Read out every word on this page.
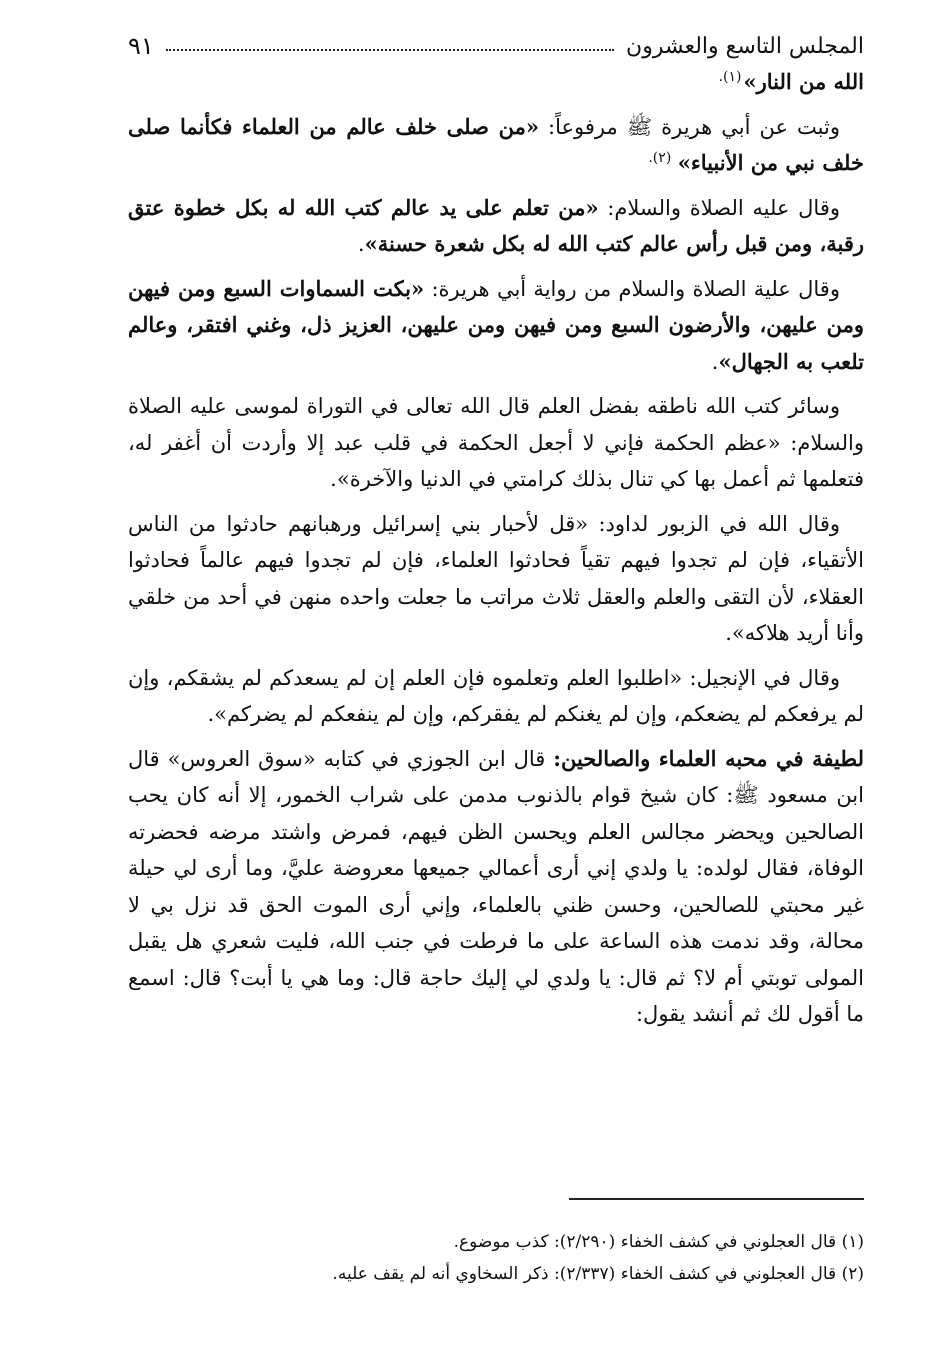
المجلس التاسع والعشرون
٩١

الله من النار»$^{(١).}$

وثبت عن أبي هريرة ﷺ مرفوعاً: «من صلى خلف عالم من العلماء فكأنما صلى خلف نبي من الأنبياء» $^{(٢).}$

وقال عليه الصلاة والسلام: «من تعلم على يد عالم كتب الله له بكل خطوة عتق رقبة، ومن قبل رأس عالم كتب الله له بكل شعرة حسنة».

وقال علية الصلاة والسلام من رواية أبي هريرة: «بكت السماوات السبع ومن فيهن ومن عليهن، والأرضون السبع ومن فيهن ومن عليهن، العزيز ذل، وغني افتقر، وعالم تلعب به الجهال».

وسائر كتب الله ناطقه بفضل العلم قال الله تعالى في التوراة لموسى عليه الصلاة والسلام: «عظم الحكمة فإني لا أجعل الحكمة في قلب عبد إلا وأردت أن أغفر له، فتعلمها ثم أعمل بها كي تنال بذلك كرامتي في الدنيا والآخرة».

وقال الله في الزبور لداود: «قل لأحبار بني إسرائيل ورهبانهم حادثوا من الناس الأتقياء، فإن لم تجدوا فيهم تقياً فحادثوا العلماء، فإن لم تجدوا فيهم عالماً فحادثوا العقلاء، لأن التقى والعلم والعقل ثلاث مراتب ما جعلت واحده منهن في أحد من خلقي وأنا أريد هلاكه».

وقال في الإنجيل: «اطلبوا العلم وتعلموه فإن العلم إن لم يسعدكم لم يشقكم، وإن لم يرفعكم لم يضعكم، وإن لم يغنكم لم يفقركم، وإن لم ينفعكم لم يضركم».

لطيفة في محبه العلماء والصالحين: قال ابن الجوزي في كتابه «سوق العروس» قال ابن مسعود ﷺ: كان شيخ قوام بالذنوب مدمن على شراب الخمور، إلا أنه كان يحب الصالحين ويحضر مجالس العلم ويحسن الظن فيهم، فمرض واشتد مرضه فحضرته الوفاة، فقال لولده: يا ولدي إني أرى أعمالي جميعها معروضة عليَّ، وما أرى لي حيلة غير محبتي للصالحين، وحسن ظني بالعلماء، وإني أرى الموت الحق قد نزل بي لا محالة، وقد ندمت هذه الساعة على ما فرطت في جنب الله، فليت شعري هل يقبل المولى توبتي أم لا؟ ثم قال: يا ولدي لي إليك حاجة قال: وما هي يا أبت؟ قال: اسمع ما أقول لك ثم أنشد يقول:

(١) قال العجلوني في كشف الخفاء (٢/٢٩٠): كذب موضوع.

(٢) قال العجلوني في كشف الخفاء (٢/٣٣٧): ذكر السخاوي أنه لم يقف عليه.
